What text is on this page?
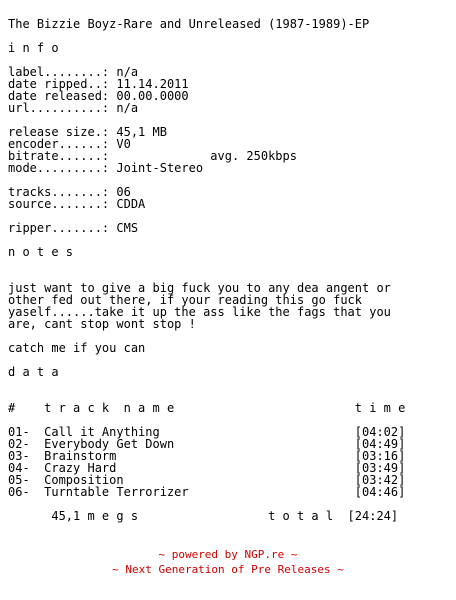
The Bizzie Boyz-Rare and Unreleased (1987-1989)-EP

i n f o

label........: n/a
date ripped..: 11.14.2011
date released: 00.00.0000
url..........: n/a

release size.: 45,1 MB
encoder......: V0
bitrate......:              avg. 250kbps
mode.........: Joint-Stereo

tracks.......: 06
source.......: CDDA

ripper.......: CMS

n o t e s

just want to give a big fuck you to any dea angent or
other fed out there, if your reading this go fuck
yaself......take it up the ass like the fags that you
are, cant stop wont stop !

catch me if you can

d a t a

#    t r a c k  n a m e                         t i m e

01-  Call it Anything                           [04:02]
02-  Everybody Get Down                         [04:49]
03-  Brainstorm                                 [03:16]
04-  Crazy Hard                                 [03:49]
05-  Composition                                [03:42]
06-  Turntable Terrorizer                       [04:46]

45,1 m e g s                  t o t a l  [24:24]
~ powered by NGP.re ~
~ Next Generation of Pre Releases ~
